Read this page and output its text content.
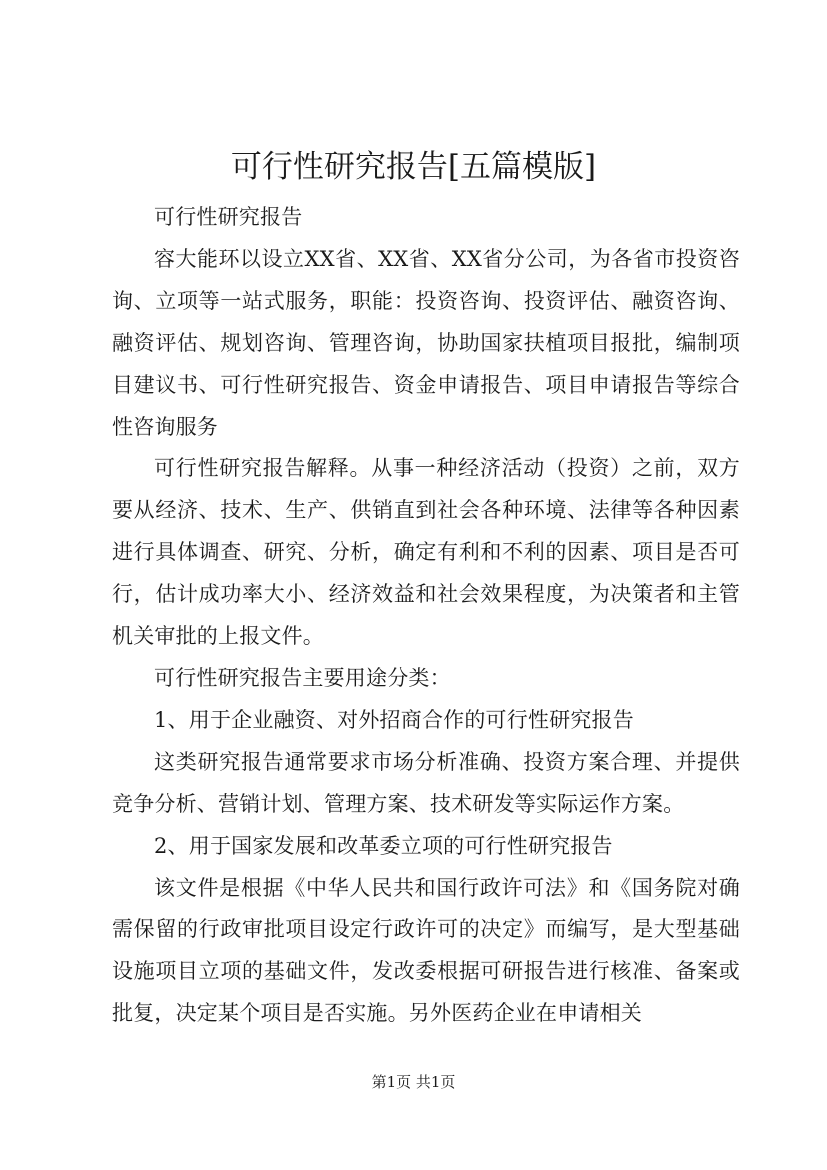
可行性研究报告[五篇模版]

可行性研究报告

容大能环以设立XX省、XX省、XX省分公司，为各省市投资咨询、立项等一站式服务，职能：投资咨询、投资评估、融资咨询、融资评估、规划咨询、管理咨询，协助国家扶植项目报批，编制项目建议书、可行性研究报告、资金申请报告、项目申请报告等综合性咨询服务

可行性研究报告解释。从事一种经济活动（投资）之前，双方要从经济、技术、生产、供销直到社会各种环境、法律等各种因素进行具体调查、研究、分析，确定有利和不利的因素、项目是否可行，估计成功率大小、经济效益和社会效果程度，为决策者和主管机关审批的上报文件。

可行性研究报告主要用途分类：

1、用于企业融资、对外招商合作的可行性研究报告

这类研究报告通常要求市场分析准确、投资方案合理、并提供竞争分析、营销计划、管理方案、技术研发等实际运作方案。

2、用于国家发展和改革委立项的可行性研究报告

该文件是根据《中华人民共和国行政许可法》和《国务院对确需保留的行政审批项目设定行政许可的决定》而编写，是大型基础设施项目立项的基础文件，发改委根据可研报告进行核准、备案或批复，决定某个项目是否实施。另外医药企业在申请相关

第1页 共1页
